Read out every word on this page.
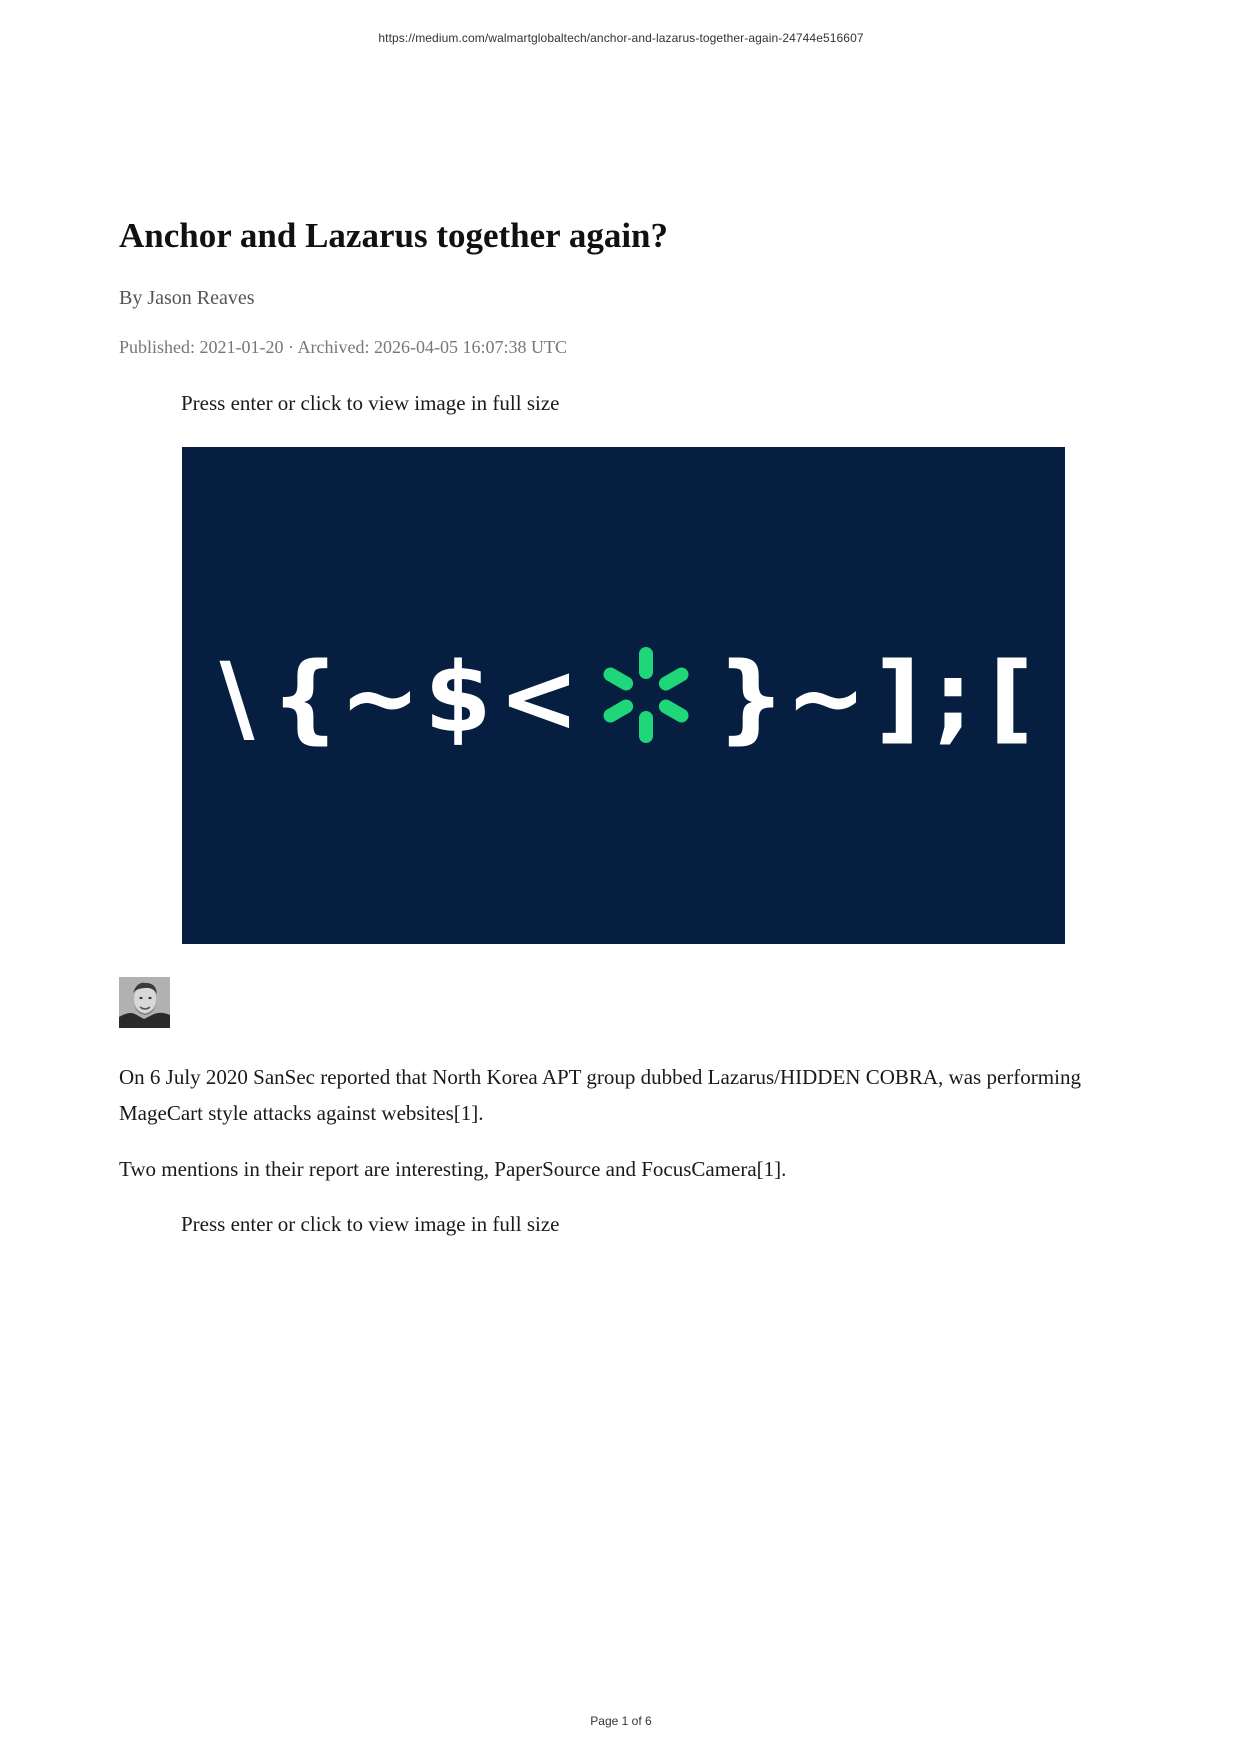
https://medium.com/walmartglobaltech/anchor-and-lazarus-together-again-24744e516607
Anchor and Lazarus together again?
By Jason Reaves
Published: 2021-01-20 · Archived: 2026-04-05 16:07:38 UTC
Press enter or click to view image in full size
\ { ~ $ < } ~ ] ; [

On 6 July 2020 SanSec reported that North Korea APT group dubbed Lazarus/HIDDEN COBRA, was performing MageCart style attacks against websites[1].

Two mentions in their report are interesting, PaperSource and FocusCamera[1].

Press enter or click to view image in full size
Page 1 of 6
